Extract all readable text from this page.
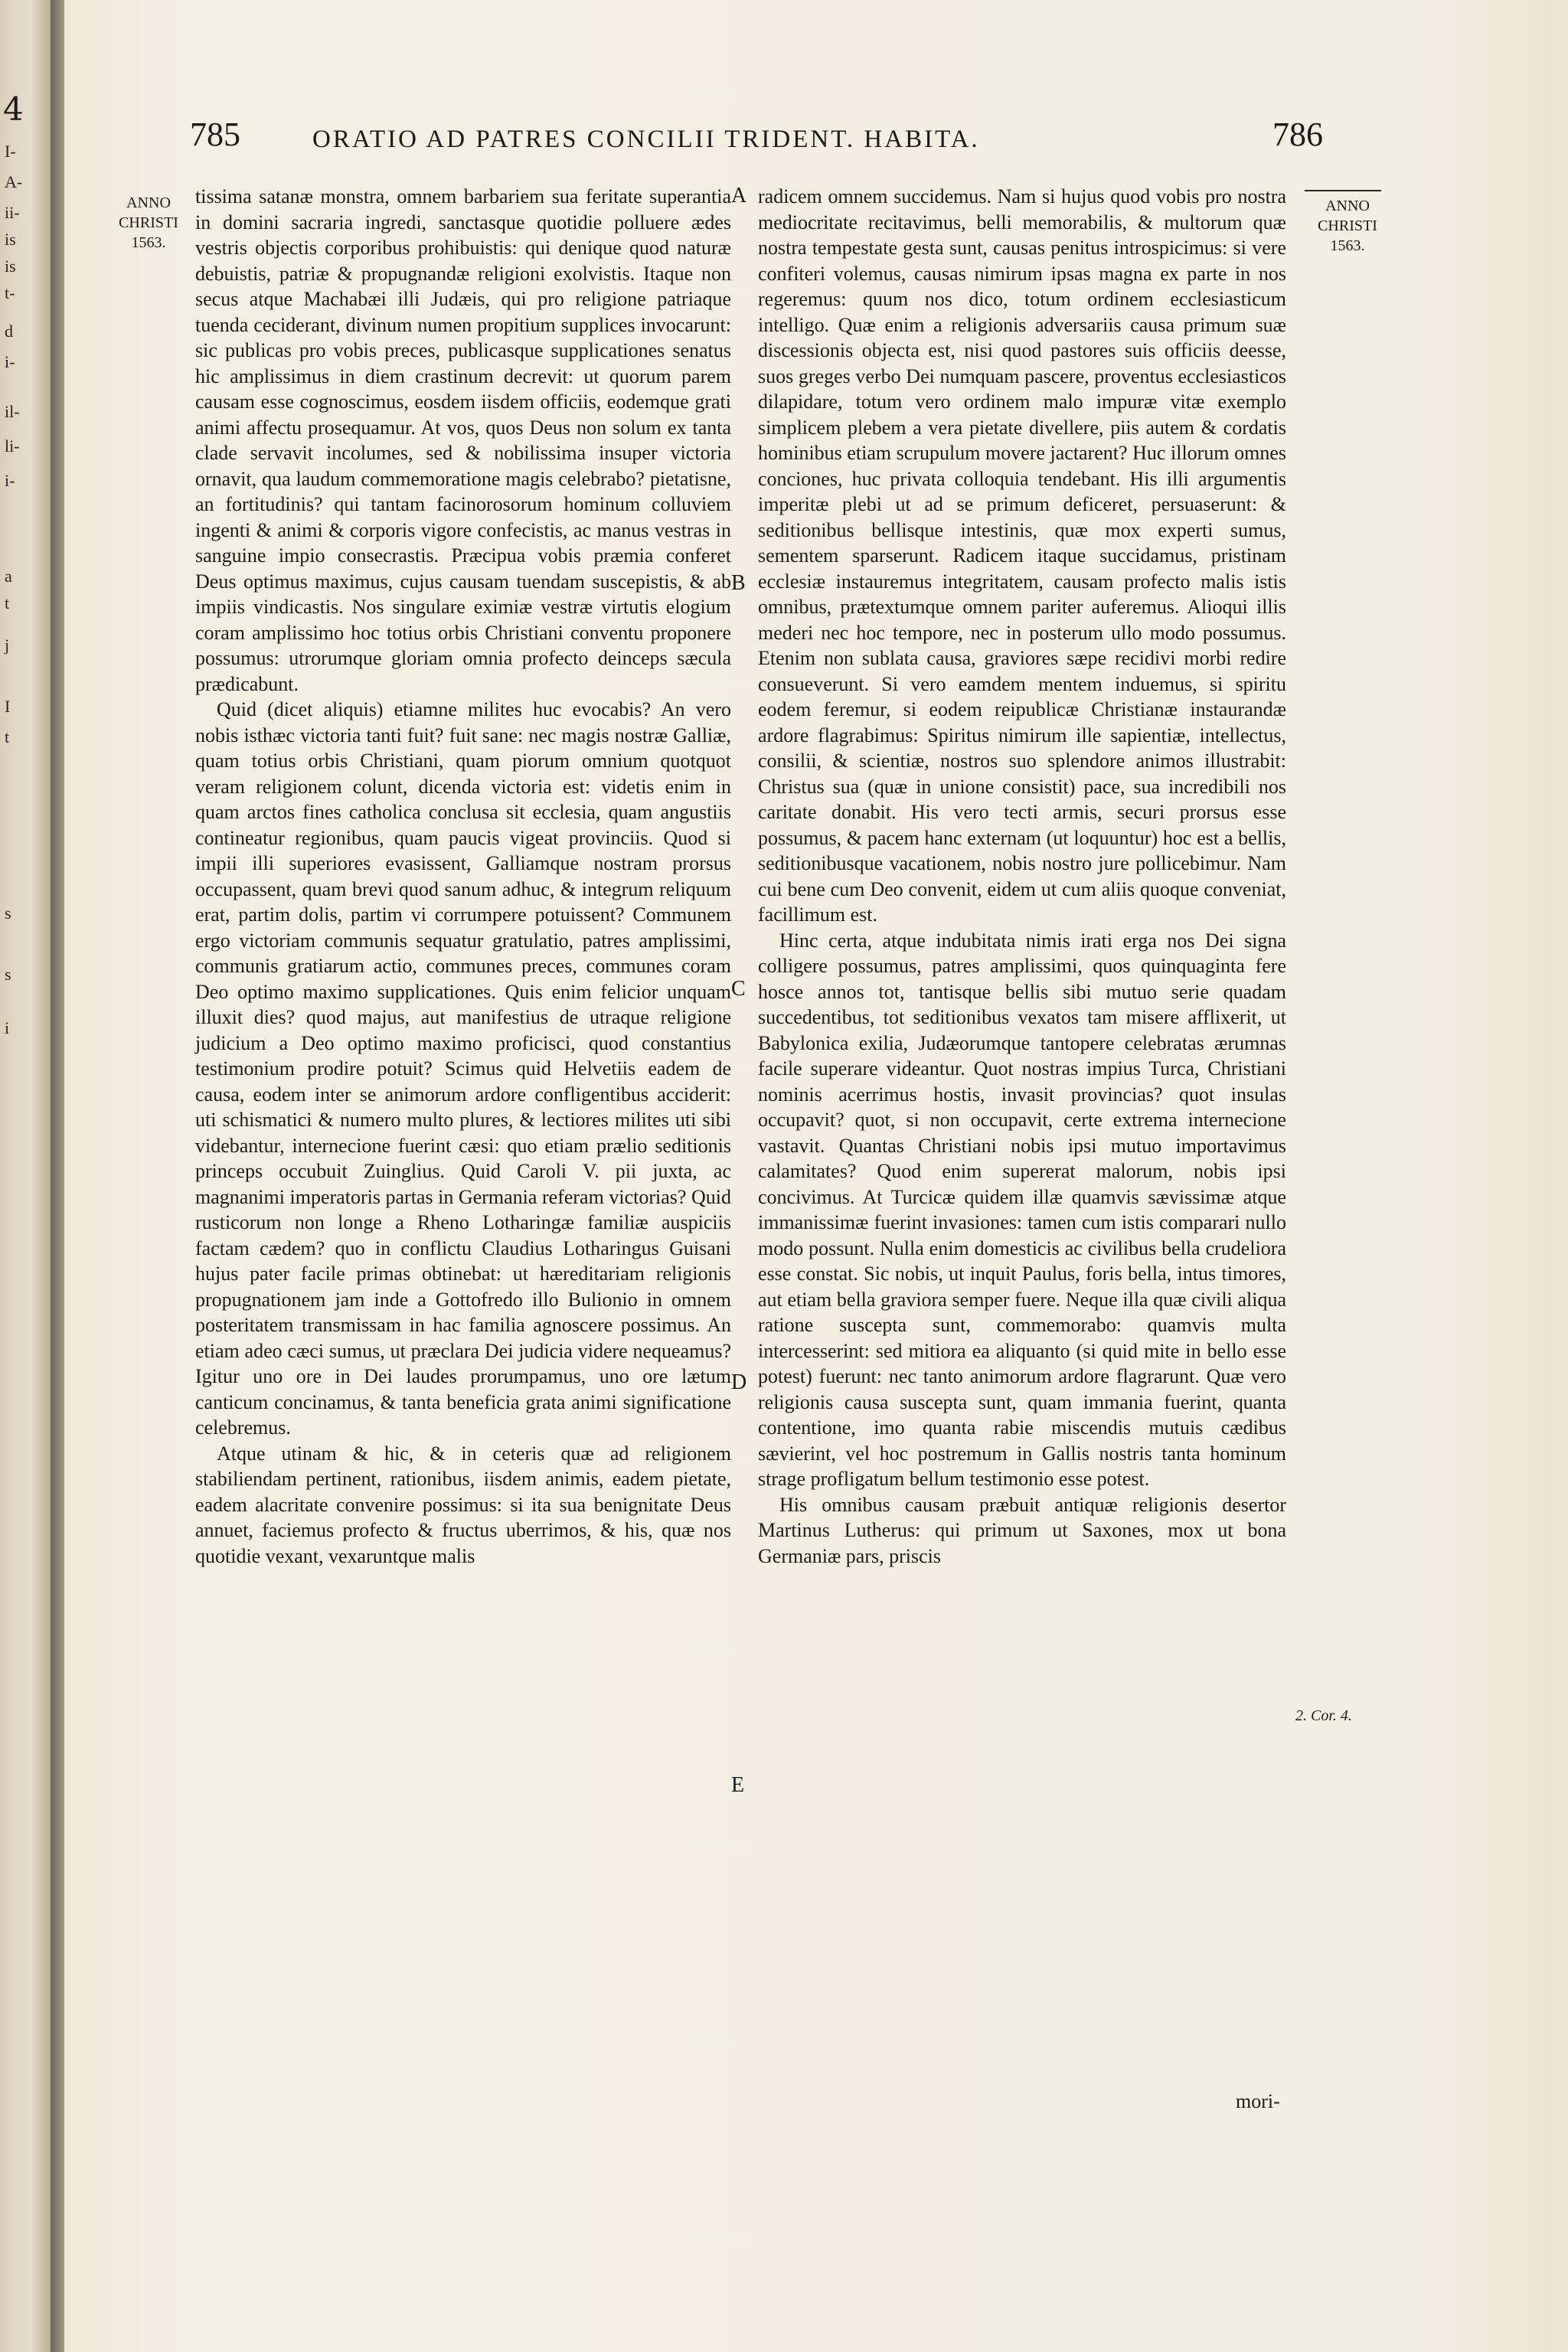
4
I-
A-
ii-
is
is
t-
d
i-
il-
li-
i-
a
t
j
I
t
s
s
i
ANNO
CHRISTI
1563.
ANNO
CHRISTI
1563.
2. Cor. 4.
785	ORATIO AD PATRES CONCILII TRIDENT. HABITA.	786
A
B
C
D
E

tissima satanæ monstra, omnem barbariem sua feritate superantia in domini sacraria ingredi, sanctasque quotidie polluere ædes vestris objectis corporibus prohibuistis: qui denique quod naturæ debuistis, patriæ & propugnandæ religioni exolvistis. Itaque non secus atque Machabæi illi Judæis, qui pro religione patriaque tuenda ceciderant, divinum numen propitium supplices invocarunt: sic publicas pro vobis preces, publicasque supplicationes senatus hic amplissimus in diem crastinum decrevit: ut quorum parem causam esse cognoscimus, eosdem iisdem officiis, eodemque grati animi affectu prosequamur. At vos, quos Deus non solum ex tanta clade servavit incolumes, sed & nobilissima insuper victoria ornavit, qua laudum commemoratione magis celebrabo? pietatisne, an fortitudinis? qui tantam facinorosorum hominum colluviem ingenti & animi & corporis vigore confecistis, ac manus vestras in sanguine impio consecrastis. Præcipua vobis præmia conferet Deus optimus maximus, cujus causam tuendam suscepistis, & ab impiis vindicastis. Nos singulare eximiæ vestræ virtutis elogium coram amplissimo hoc totius orbis Christiani conventu proponere possumus: utrorumque gloriam omnia profecto deinceps sæcula prædicabunt.

Quid (dicet aliquis) etiamne milites huc evocabis? An vero nobis isthæc victoria tanti fuit? fuit sane: nec magis nostræ Galliæ, quam totius orbis Christiani, quam piorum omnium quotquot veram religionem colunt, dicenda victoria est: videtis enim in quam arctos fines catholica conclusa sit ecclesia, quam angustiis contineatur regionibus, quam paucis vigeat provinciis. Quod si impii illi superiores evasissent, Galliamque nostram prorsus occupassent, quam brevi quod sanum adhuc, & integrum reliquum erat, partim dolis, partim vi corrumpere potuissent? Communem ergo victoriam communis sequatur gratulatio, patres amplissimi, communis gratiarum actio, communes preces, communes coram Deo optimo maximo supplicationes. Quis enim felicior unquam illuxit dies? quod majus, aut manifestius de utraque religione judicium a Deo optimo maximo proficisci, quod constantius testimonium prodire potuit? Scimus quid Helvetiis eadem de causa, eodem inter se animorum ardore confligentibus acciderit: uti schismatici & numero multo plures, & lectiores milites uti sibi videbantur, internecione fuerint cæsi: quo etiam prælio seditionis princeps occubuit Zuinglius. Quid Caroli V. pii juxta, ac magnanimi imperatoris partas in Germania referam victorias? Quid rusticorum non longe a Rheno Lotharingæ familiæ auspiciis factam cædem? quo in conflictu Claudius Lotharingus Guisani hujus pater facile primas obtinebat: ut hæreditariam religionis propugnationem jam inde a Gottofredo illo Bulionio in omnem posteritatem transmissam in hac familia agnoscere possimus. An etiam adeo cæci sumus, ut præclara Dei judicia videre nequeamus? Igitur uno ore in Dei laudes prorumpamus, uno ore lætum canticum concinamus, & tanta beneficia grata animi significatione celebremus.

Atque utinam & hic, & in ceteris quæ ad religionem stabiliendam pertinent, rationibus, iisdem animis, eadem pietate, eadem alacritate convenire possimus: si ita sua benignitate Deus annuet, faciemus profecto & fructus uberrimos, & his, quæ nos quotidie vexant, vexaruntque malis

radicem omnem succidemus. Nam si hujus quod vobis pro nostra mediocritate recitavimus, belli memorabilis, & multorum quæ nostra tempestate gesta sunt, causas penitus introspicimus: si vere confiteri volemus, causas nimirum ipsas magna ex parte in nos regeremus: quum nos dico, totum ordinem ecclesiasticum intelligo. Quæ enim a religionis adversariis causa primum suæ discessionis objecta est, nisi quod pastores suis officiis deesse, suos greges verbo Dei numquam pascere, proventus ecclesiasticos dilapidare, totum vero ordinem malo impuræ vitæ exemplo simplicem plebem a vera pietate divellere, piis autem & cordatis hominibus etiam scrupulum movere jactarent? Huc illorum omnes conciones, huc privata colloquia tendebant. His illi argumentis imperitæ plebi ut ad se primum deficeret, persuaserunt: & seditionibus bellisque intestinis, quæ mox experti sumus, sementem sparserunt. Radicem itaque succidamus, pristinam ecclesiæ instauremus integritatem, causam profecto malis istis omnibus, prætextumque omnem pariter auferemus. Alioqui illis mederi nec hoc tempore, nec in posterum ullo modo possumus. Etenim non sublata causa, graviores sæpe recidivi morbi redire consueverunt. Si vero eamdem mentem induemus, si spiritu eodem feremur, si eodem reipublicæ Christianæ instaurandæ ardore flagrabimus: Spiritus nimirum ille sapientiæ, intellectus, consilii, & scientiæ, nostros suo splendore animos illustrabit: Christus sua (quæ in unione consistit) pace, sua incredibili nos caritate donabit. His vero tecti armis, securi prorsus esse possumus, & pacem hanc externam (ut loquuntur) hoc est a bellis, seditionibusque vacationem, nobis nostro jure pollicebimur. Nam cui bene cum Deo convenit, eidem ut cum aliis quoque conveniat, facillimum est.

Hinc certa, atque indubitata nimis irati erga nos Dei signa colligere possumus, patres amplissimi, quos quinquaginta fere hosce annos tot, tantisque bellis sibi mutuo serie quadam succedentibus, tot seditionibus vexatos tam misere afflixerit, ut Babylonica exilia, Judæorumque tantopere celebratas ærumnas facile superare videantur. Quot nostras impius Turca, Christiani nominis acerrimus hostis, invasit provincias? quot insulas occupavit? quot, si non occupavit, certe extrema internecione vastavit. Quantas Christiani nobis ipsi mutuo importavimus calamitates? Quod enim supererat malorum, nobis ipsi concivimus. At Turcicæ quidem illæ quamvis sævissimæ atque immanissimæ fuerint invasiones: tamen cum istis comparari nullo modo possunt. Nulla enim domesticis ac civilibus bella crudeliora esse constat. Sic nobis, ut inquit Paulus, foris bella, intus timores, aut etiam bella graviora semper fuere. Neque illa quæ civili aliqua ratione suscepta sunt, commemorabo: quamvis multa intercesserint: sed mitiora ea aliquanto (si quid mite in bello esse potest) fuerunt: nec tanto animorum ardore flagrarunt. Quæ vero religionis causa suscepta sunt, quam immania fuerint, quanta contentione, imo quanta rabie miscendis mutuis cædibus sævierint, vel hoc postremum in Gallis nostris tanta hominum strage profligatum bellum testimonio esse potest.

His omnibus causam præbuit antiquæ religionis desertor Martinus Lutherus: qui primum ut Saxones, mox ut bona Germaniæ pars, priscis

mori-
